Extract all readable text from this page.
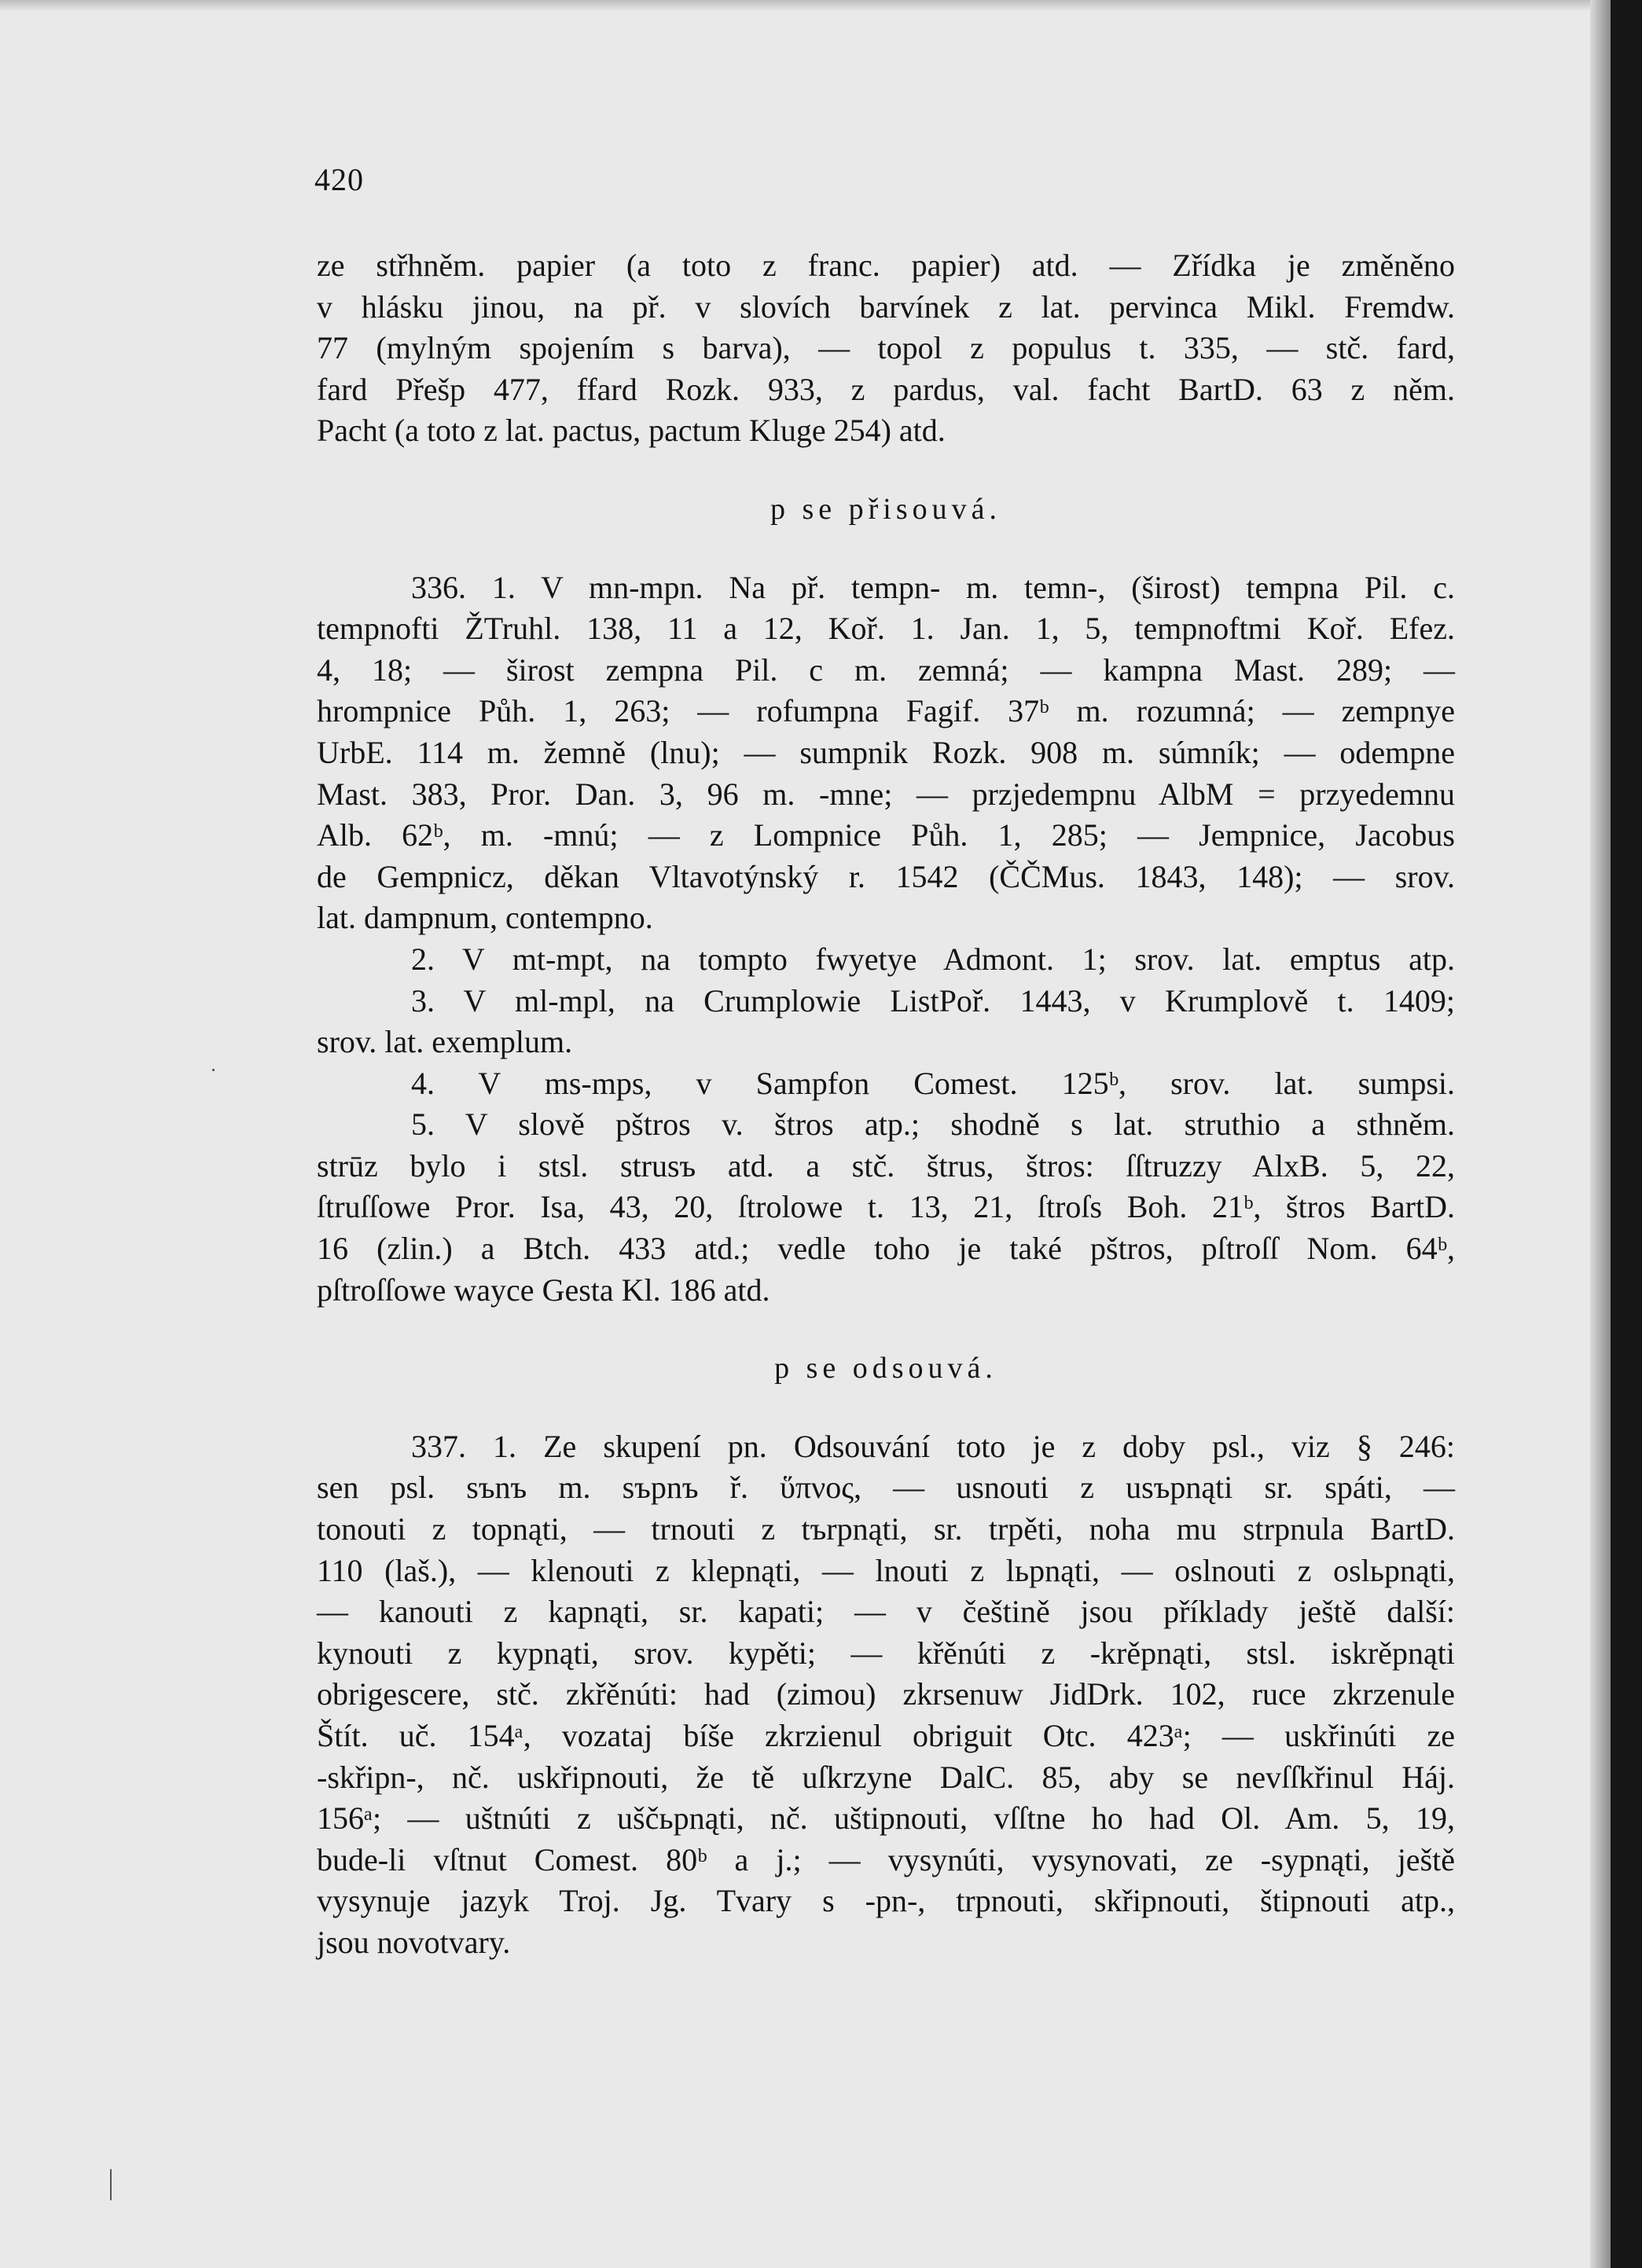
420
ze střhněm. papier (a toto z franc. papier) atd. — Zřídka je změněno
v hlásku jinou, na př. v slovích barvínek z lat. pervinca Mikl. Fremdw.
77 (mylným spojením s barva), — topol z populus t. 335, — stč. fard,
fard Přešp 477, ffard Rozk. 933, z pardus, val. facht BartD. 63 z něm.
Pacht (a toto z lat. pactus, pactum Kluge 254) atd.
p se přisouvá.
336. 1. V mn-mpn. Na př. tempn- m. temn-, (širost) tempna Pil. c.
tempnofti ŽTruhl. 138, 11 a 12, Koř. 1. Jan. 1, 5, tempnoftmi Koř. Efez.
4, 18; — širost zempna Pil. c m. zemná; — kampna Mast. 289; —
hrompnice Půh. 1, 263; — rofumpna Fagif. 37ᵇ m. rozumná; — zempnye
UrbE. 114 m. žemně (lnu); — sumpnik Rozk. 908 m. súmník; — odempne
Mast. 383, Pror. Dan. 3, 96 m. -mne; — przjedempnu AlbM = przyedemnu
Alb. 62ᵇ, m. -mnú; — z Lompnice Půh. 1, 285; — Jempnice, Jacobus
de Gempnicz, děkan Vltavotýnský r. 1542 (ČČMus. 1843, 148); — srov.
lat. dampnum, contempno.
2. V mt-mpt, na tompto fwyetye Admont. 1; srov. lat. emptus atp.
3. V ml-mpl, na Crumplowie ListPoř. 1443, v Krumplově t. 1409;
srov. lat. exemplum.
4. V ms-mps, v Sampfon Comest. 125ᵇ, srov. lat. sumpsi.
5. V slově pštros v. štros atp.; shodně s lat. struthio a sthněm.
strūz bylo i stsl. strusъ atd. a stč. štrus, štros: ſſtruzzy AlxB. 5, 22,
ſtruſſowe Pror. Isa, 43, 20, ſtrolowe t. 13, 21, ſtroſs Boh. 21ᵇ, štros BartD.
16 (zlin.) a Btch. 433 atd.; vedle toho je také pštros, pſtroſſ Nom. 64ᵇ,
pſtroſſowe wayce Gesta Kl. 186 atd.
p se odsouvá.
337. 1. Ze skupení pn. Odsouvání toto je z doby psl., viz § 246:
sen psl. sъnъ m. sъpnъ ř. ὕπνος, — usnouti z usъpnąti sr. spáti, —
tonouti z topnąti, — trnouti z tъrpnąti, sr. trpěti, noha mu strpnula BartD.
110 (laš.), — klenouti z klepnąti, — lnouti z lьpnąti, — oslnouti z oslьpnąti,
— kanouti z kapnąti, sr. kapati; — v češtině jsou příklady ještě další:
kynouti z kypnąti, srov. kypěti; — křěnúti z -krěpnąti, stsl. iskrěpnąti
obrigescere, stč. zkřěnúti: had (zimou) zkrsenuw JidDrk. 102, ruce zkrzenule
Štít. uč. 154ᵃ, vozataj bíše zkrzienul obriguit Otc. 423ᵃ; — uskřinúti ze
-skřipn-, nč. uskřipnouti, že tě uſkrzyne DalC. 85, aby se nevſſkřinul Háj.
156ᵃ; — uštnúti z uščьpnąti, nč. uštipnouti, vſſtne ho had Ol. Am. 5, 19,
bude-li vſtnut Comest. 80ᵇ a j.; — vysynúti, vysynovati, ze -sypnąti, ještě
vysynuje jazyk Troj. Jg. Tvary s -pn-, trpnouti, skřipnouti, štipnouti atp.,
jsou novotvary.
